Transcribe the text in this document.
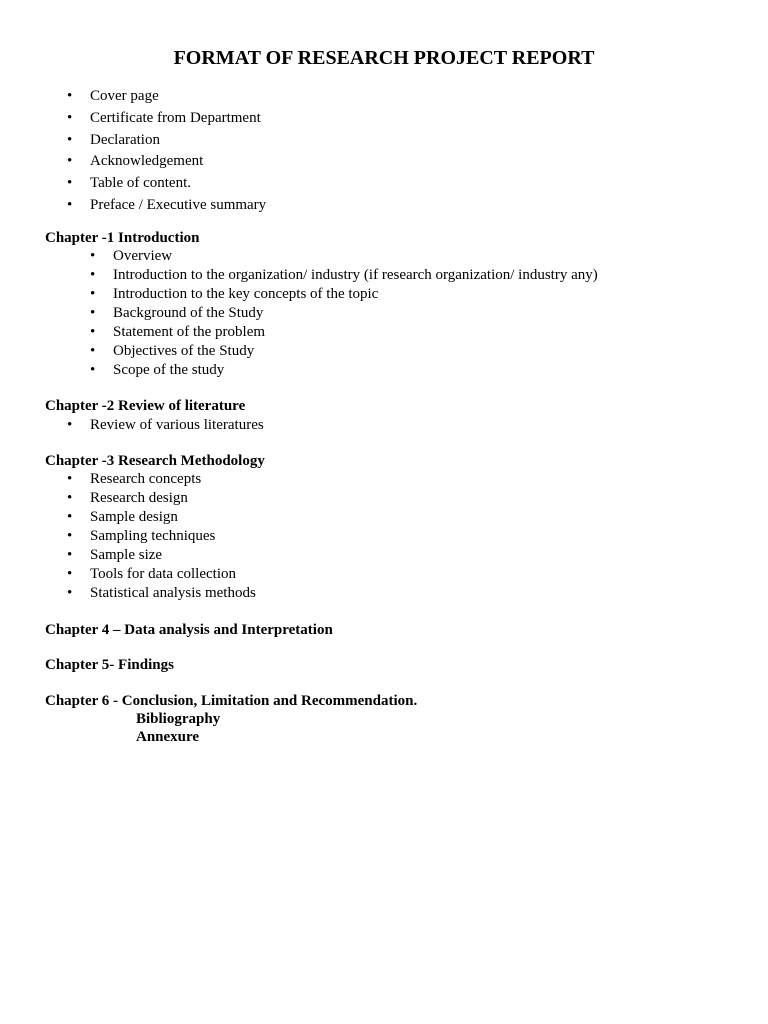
FORMAT OF RESEARCH PROJECT REPORT
• Cover page
• Certificate from Department
• Declaration
• Acknowledgement
• Table of content.
• Preface / Executive summary
Chapter -1 Introduction
• Overview
• Introduction to the organization/ industry (if research organization/ industry any)
• Introduction to the key concepts of the topic
• Background of the Study
• Statement of the problem
• Objectives of the Study
• Scope of the study
Chapter -2 Review of literature
• Review of various literatures
Chapter -3 Research Methodology
• Research concepts
• Research design
• Sample design
• Sampling techniques
• Sample size
• Tools for data collection
• Statistical analysis methods
Chapter 4 – Data analysis and Interpretation
Chapter 5- Findings
Chapter 6 - Conclusion, Limitation and Recommendation.
Bibliography
Annexure
